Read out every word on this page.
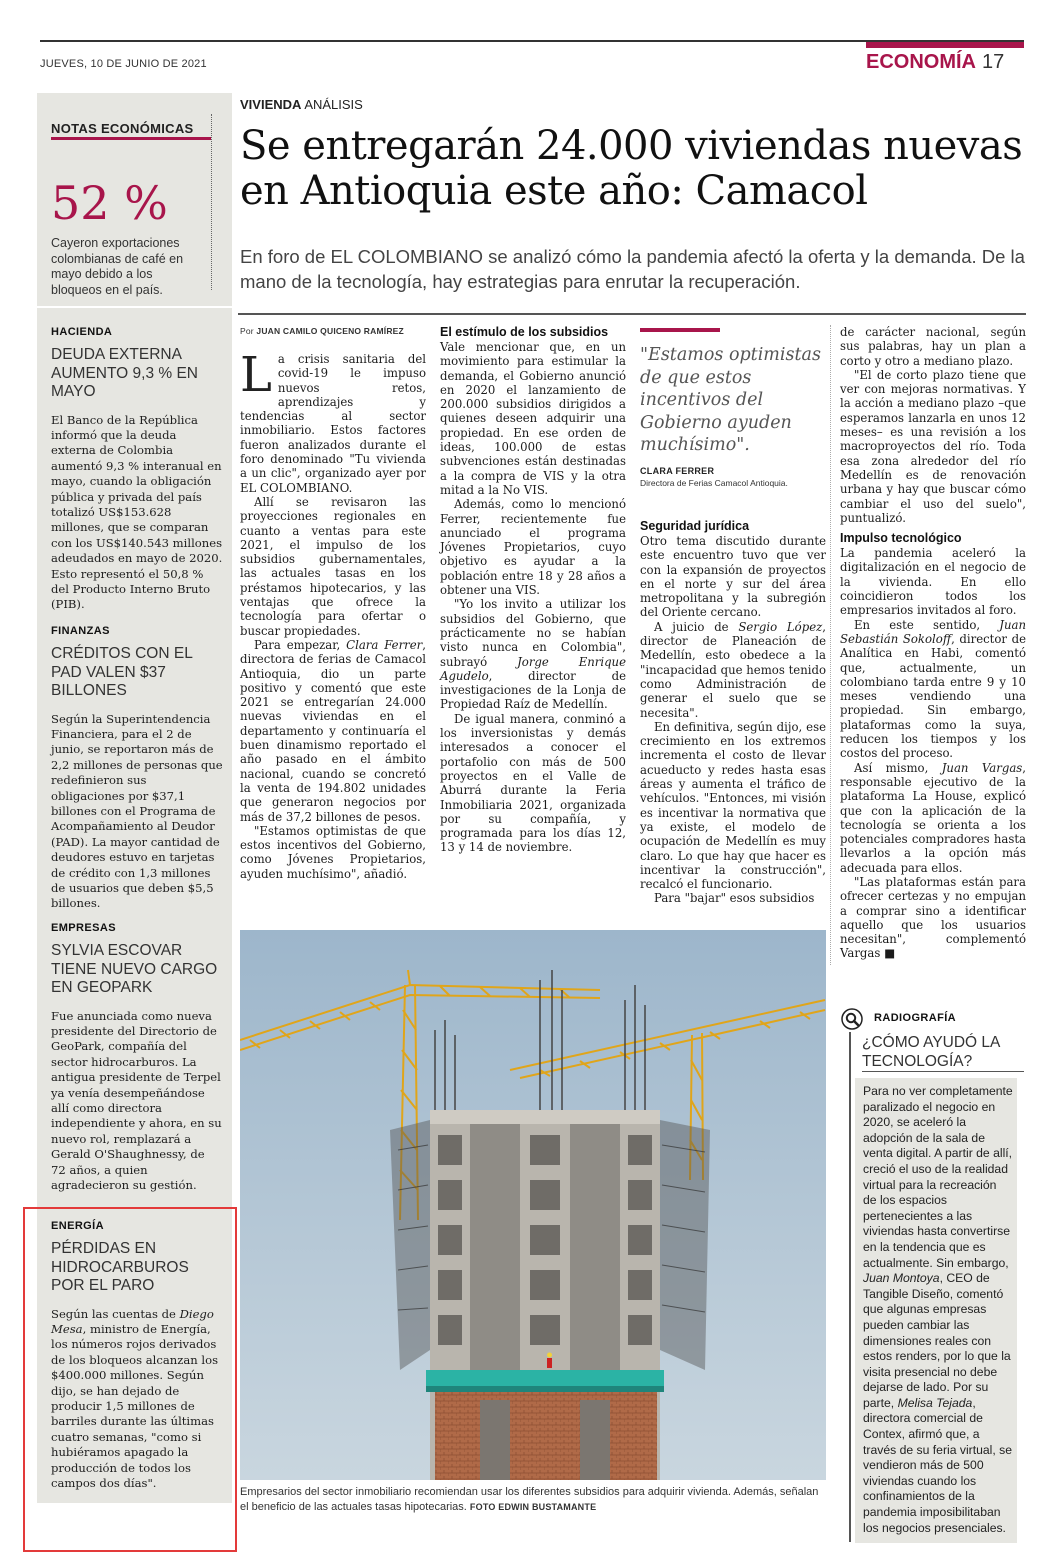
JUEVES, 10 DE JUNIO DE 2021	ECONOMÍA 17
NOTAS ECONÓMICAS
52 %
Cayeron exportaciones colombianas de café en mayo debido a los bloqueos en el país.
HACIENDA
DEUDA EXTERNA AUMENTO 9,3 % EN MAYO
El Banco de la República informó que la deuda externa de Colombia aumentó 9,3 % interanual en mayo, cuando la obligación pública y privada del país totalizó US$153.628 millones, que se comparan con los US$140.543 millones adeudados en mayo de 2020. Esto representó el 50,8 % del Producto Interno Bruto (PIB).
FINANZAS
CRÉDITOS CON EL PAD VALEN $37 BILLONES
Según la Superintendencia Financiera, para el 2 de junio, se reportaron más de 2,2 millones de personas que redefinieron sus obligaciones por $37,1 billones con el Programa de Acompañamiento al Deudor (PAD). La mayor cantidad de deudores estuvo en tarjetas de crédito con 1,3 millones de usuarios que deben $5,5 billones.
EMPRESAS
SYLVIA ESCOVAR TIENE NUEVO CARGO EN GEOPARK
Fue anunciada como nueva presidente del Directorio de GeoPark, compañía del sector hidrocarburos. La antigua presidente de Terpel ya venía desempeñándose allí como directora independiente y ahora, en su nuevo rol, remplazará a Gerald O'Shaughnessy, de 72 años, a quien agradecieron su gestión.
ENERGÍA
PÉRDIDAS EN HIDROCARBUROS POR EL PARO
Según las cuentas de Diego Mesa, ministro de Energía, los números rojos derivados de los bloqueos alcanzan los $400.000 millones. Según dijo, se han dejado de producir 1,5 millones de barriles durante las últimas cuatro semanas, "como si hubiéramos apagado la producción de todos los campos dos días".
VIVIENDA ANÁLISIS
Se entregarán 24.000 viviendas nuevas en Antioquia este año: Camacol
En foro de EL COLOMBIANO se analizó cómo la pandemia afectó la oferta y la demanda. De la mano de la tecnología, hay estrategias para enrutar la recuperación.
Por JUAN CAMILO QUICENO RAMÍREZ

La crisis sanitaria del covid-19 le impuso nuevos retos, aprendizajes y tendencias al sector inmobiliario. Estos factores fueron analizados durante el foro denominado "Tu vivienda a un clic", organizado ayer por EL COLOMBIANO.

Allí se revisaron las proyecciones regionales en cuanto a ventas para este 2021, el impulso de los subsidios gubernamentales, las actuales tasas en los préstamos hipotecarios, y las ventajas que ofrece la tecnología para ofertar o buscar propiedades.

Para empezar, Clara Ferrer, directora de ferias de Camacol Antioquia, dio un parte positivo y comentó que este 2021 se entregarían 24.000 nuevas viviendas en el departamento y continuaría el buen dinamismo reportado el año pasado en el ámbito nacional, cuando se concretó la venta de 194.802 unidades que generaron negocios por más de 37,2 billones de pesos.

"Estamos optimistas de que estos incentivos del Gobierno, como Jóvenes Propietarios, ayuden muchísimo", añadió.

El estímulo de los subsidios

Vale mencionar que, en un movimiento para estimular la demanda, el Gobierno anunció en 2020 el lanzamiento de 200.000 subsidios dirigidos a quienes deseen adquirir una propiedad. En ese orden de ideas, 100.000 de estas subvenciones están destinadas a la compra de VIS y la otra mitad a la No VIS.

Además, como lo mencionó Ferrer, recientemente fue anunciado el programa Jóvenes Propietarios, cuyo objetivo es ayudar a la población entre 18 y 28 años a obtener una VIS.

"Yo los invito a utilizar los subsidios del Gobierno, que prácticamente no se habían visto nunca en Colombia", subrayó Jorge Enrique Agudelo, director de investigaciones de la Lonja de Propiedad Raíz de Medellín.

De igual manera, conminó a los inversionistas y demás interesados a conocer el portafolio con más de 500 proyectos en el Valle de Aburrá durante la Feria Inmobiliaria 2021, organizada por su compañía, y programada para los días 12, 13 y 14 de noviembre.

"Estamos optimistas de que estos incentivos del Gobierno ayuden muchísimo".
CLARA FERRER
Directora de Ferias Camacol Antioquia.
Seguridad jurídica

Otro tema discutido durante este encuentro tuvo que ver con la expansión de proyectos en el norte y sur del área metropolitana y la subregión del Oriente cercano.

A juicio de Sergio López, director de Planeación de Medellín, esto obedece a la "incapacidad que hemos tenido como Administración de generar el suelo que se necesita".

En definitiva, según dijo, ese crecimiento en los extremos incrementa el costo de llevar acueducto y redes hasta esas áreas y aumenta el tráfico de vehículos. "Entonces, mi visión es incentivar la normativa que ya existe, el modelo de ocupación de Medellín es muy claro. Lo que hay que hacer es incentivar la construcción", recalcó el funcionario.

Para "bajar" esos subsidios

de carácter nacional, según sus palabras, hay un plan a corto y otro a mediano plazo.

"El de corto plazo tiene que ver con mejoras normativas. Y la acción a mediano plazo –que esperamos lanzarla en unos 12 meses– es una revisión a los macroproyectos del río. Toda esa zona alrededor del río Medellín es de renovación urbana y hay que buscar cómo cambiar el uso del suelo", puntualizó.

Impulso tecnológico

La pandemia aceleró la digitalización en el negocio de la vivienda. En ello coincidieron todos los empresarios invitados al foro.

En este sentido, Juan Sebastián Sokoloff, director de Analítica en Habi, comentó que, actualmente, un colombiano tarda entre 9 y 10 meses vendiendo una propiedad. Sin embargo, plataformas como la suya, reducen los tiempos y los costos del proceso.

Así mismo, Juan Vargas, responsable ejecutivo de la plataforma La House, explicó que con la aplicación de la tecnología se orienta a los potenciales compradores hasta llevarlos a la opción más adecuada para ellos.

"Las plataformas están para ofrecer certezas y no empujan a comprar sino a identificar aquello que los usuarios necesitan", complementó Vargas ■

Empresarios del sector inmobiliario recomiendan usar los diferentes subsidios para adquirir vivienda. Además, señalan el beneficio de las actuales tasas hipotecarias. FOTO EDWIN BUSTAMANTE
RADIOGRAFÍA
¿CÓMO AYUDÓ LA TECNOLOGÍA?
Para no ver completamente paralizado el negocio en 2020, se aceleró la adopción de la sala de venta digital. A partir de allí, creció el uso de la realidad virtual para la recreación de los espacios pertenecientes a las viviendas hasta convertirse en la tendencia que es actualmente. Sin embargo, Juan Montoya, CEO de Tangible Diseño, comentó que algunas empresas pueden cambiar las dimensiones reales con estos renders, por lo que la visita presencial no debe dejarse de lado. Por su parte, Melisa Tejada, directora comercial de Contex, afirmó que, a través de su feria virtual, se vendieron más de 500 viviendas cuando los confinamientos de la pandemia imposibilitaban los negocios presenciales.
